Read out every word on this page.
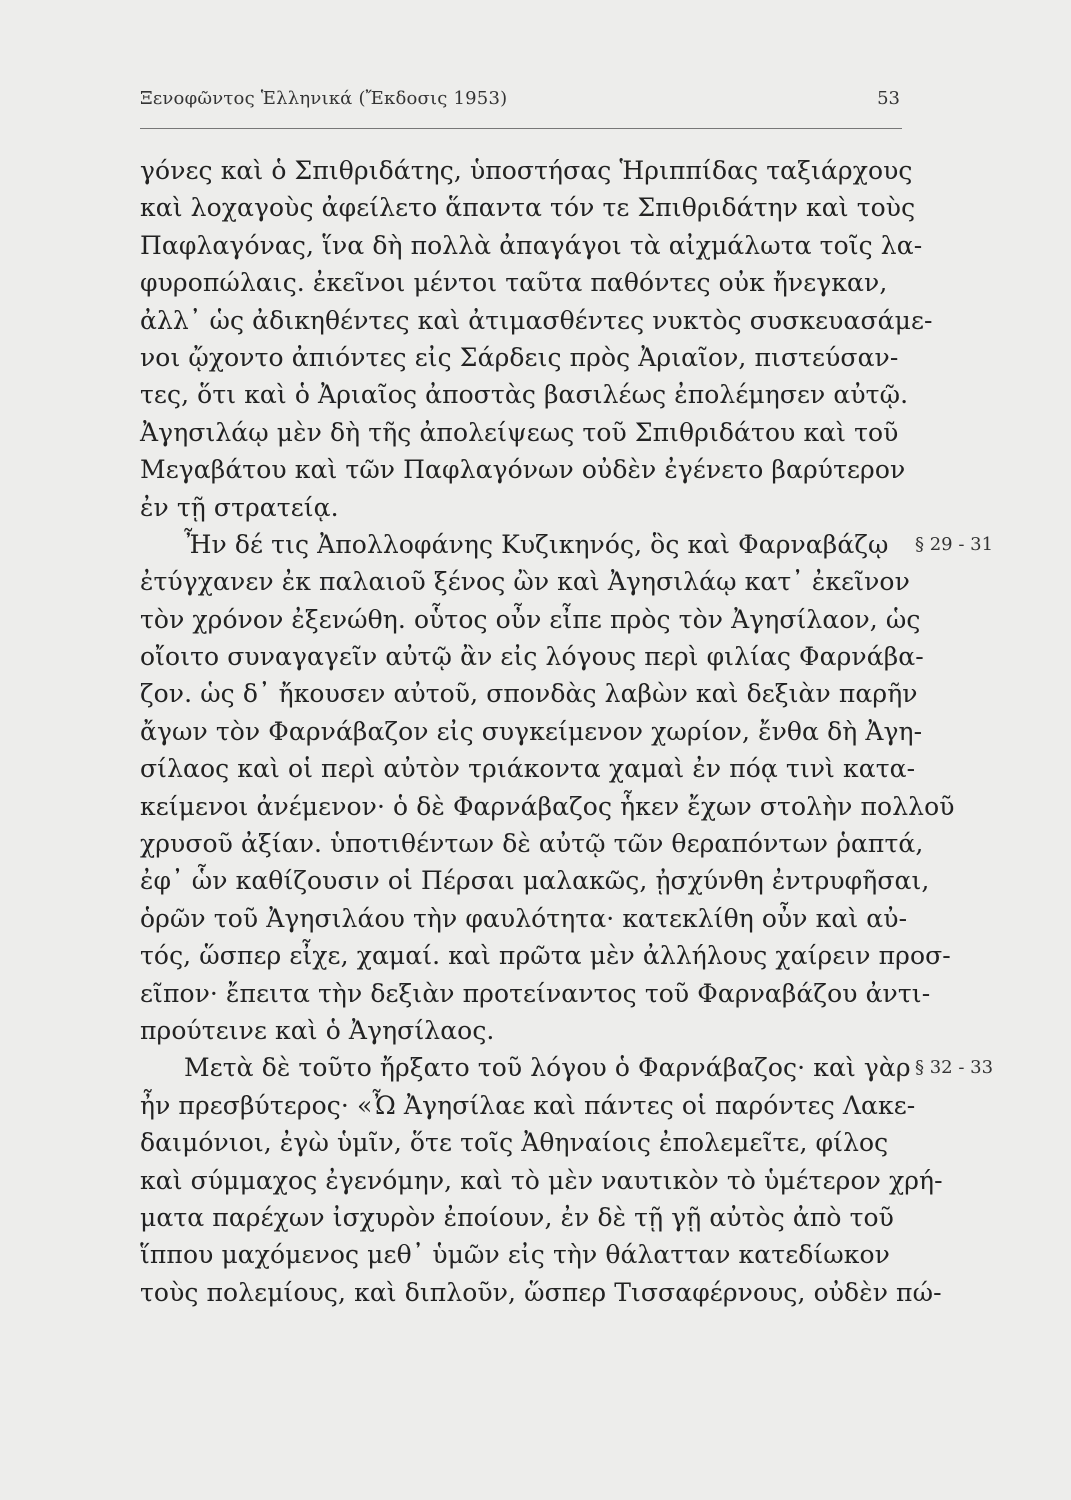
Ξενοφῶντος Ἑλληνικά (Ἔκδοσις 1953)	53
γόνες καὶ ὁ Σπιθριδάτης, ὑποστήσας Ἡριππίδας ταξιάρχους
καὶ λοχαγοὺς ἀφείλετο ἅπαντα τόν τε Σπιθριδάτην καὶ τοὺς
Παφλαγόνας, ἵνα δὴ πολλὰ ἀπαγάγοι τὰ αἰχμάλωτα τοῖς λα-
φυροπώλαις. ἐκεῖνοι μέντοι ταῦτα παθόντες οὐκ ἤνεγκαν,
ἀλλ᾿ ὡς ἀδικηθέντες καὶ ἀτιμασθέντες νυκτὸς συσκευασάμε-
νοι ᾤχοντο ἀπιόντες εἰς Σάρδεις πρὸς Ἀριαῖον, πιστεύσαν-
τες, ὅτι καὶ ὁ Ἀριαῖος ἀποστὰς βασιλέως ἐπολέμησεν αὐτῷ.
Ἀγησιλάῳ μὲν δὴ τῆς ἀπολείψεως τοῦ Σπιθριδάτου καὶ τοῦ
Μεγαβάτου καὶ τῶν Παφλαγόνων οὐδὲν ἐγένετο βαρύτερον
ἐν τῇ στρατείᾳ.
Ἦν δέ τις Ἀπολλοφάνης Κυζικηνός, ὃς καὶ Φαρναβάζῳ	§ 29 - 31
ἐτύγχανεν ἐκ παλαιοῦ ξένος ὢν καὶ Ἀγησιλάῳ κατ᾿ ἐκεῖνον
τὸν χρόνον ἐξενώθη. οὗτος οὖν εἶπε πρὸς τὸν Ἀγησίλαον, ὡς
οἴοιτο συναγαγεῖν αὐτῷ ἂν εἰς λόγους περὶ φιλίας Φαρνάβα-
ζον. ὡς δ᾿ ἤκουσεν αὐτοῦ, σπονδὰς λαβὼν καὶ δεξιὰν παρῆν
ἄγων τὸν Φαρνάβαζον εἰς συγκείμενον χωρίον, ἔνθα δὴ Ἀγη-
σίλαος καὶ οἱ περὶ αὐτὸν τριάκοντα χαμαὶ ἐν πόᾳ τινὶ κατα-
κείμενοι ἀνέμενον· ὁ δὲ Φαρνάβαζος ἧκεν ἔχων στολὴν πολλοῦ
χρυσοῦ ἀξίαν. ὑποτιθέντων δὲ αὐτῷ τῶν θεραπόντων ῥαπτά,
ἐφ᾿ ὧν καθίζουσιν οἱ Πέρσαι μαλακῶς, ᾐσχύνθη ἐντρυφῆσαι,
ὁρῶν τοῦ Ἀγησιλάου τὴν φαυλότητα· κατεκλίθη οὖν καὶ αὐ-
τός, ὥσπερ εἶχε, χαμαί. καὶ πρῶτα μὲν ἀλλήλους χαίρειν προσ-
εῖπον· ἔπειτα τὴν δεξιὰν προτείναντος τοῦ Φαρναβάζου ἀντι-
προύτεινε καὶ ὁ Ἀγησίλαος.
Μετὰ δὲ τοῦτο ἤρξατο τοῦ λόγου ὁ Φαρνάβαζος· καὶ γὰρ § 32 - 33
ἦν πρεσβύτερος· «Ὦ Ἀγησίλαε καὶ πάντες οἱ παρόντες Λακε-
δαιμόνιοι, ἐγὼ ὑμῖν, ὅτε τοῖς Ἀθηναίοις ἐπολεμεῖτε, φίλος
καὶ σύμμαχος ἐγενόμην, καὶ τὸ μὲν ναυτικὸν τὸ ὑμέτερον χρή-
ματα παρέχων ἰσχυρὸν ἐποίουν, ἐν δὲ τῇ γῇ αὐτὸς ἀπὸ τοῦ
ἵππου μαχόμενος μεθ᾿ ὑμῶν εἰς τὴν θάλατταν κατεδίωκον
τοὺς πολεμίους, καὶ διπλοῦν, ὥσπερ Τισσαφέρνους, οὐδὲν πώ-
